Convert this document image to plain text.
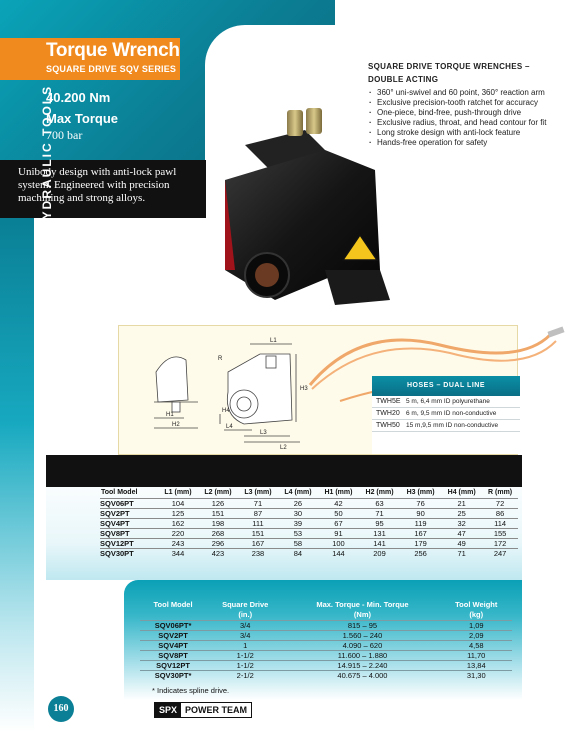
Torque Wrench
SQUARE DRIVE SQV SERIES
40.200 Nm
Max Torque
700 bar
Unibody design with anti-lock pawl system. Engineered with precision machining and strong alloys.
HYDRAULIC TOOLS
SQUARE DRIVE TORQUE WRENCHES – DOUBLE ACTING
· 360° uni-swivel and 60 point, 360° reaction arm
· Exclusive precision-tooth ratchet for accuracy
· One-piece, bind-free, push-through drive
· Exclusive radius, throat, and head contour for fit
· Long stroke design with anti-lock feature
· Hands-free operation for safety
L1
R
H3
H4
L4
L3
L2
H1
H2
HOSES – DUAL LINE
TWH5E 5 m, 6,4 mm ID polyurethane
TWH20 6 m, 9,5 mm ID non-conductive
TWH50 15 m,9,5 mm ID non-conductive
Tool Model	L1 (mm)	L2 (mm)	L3 (mm)	L4 (mm)	H1 (mm)	H2 (mm)	H3 (mm)	H4 (mm)	R (mm)
SQV06PT	104	126	71	26	42	63	76	21	72
SQV2PT	125	151	87	30	50	71	90	25	86
SQV4PT	162	198	111	39	67	95	119	32	114
SQV8PT	220	268	151	53	91	131	167	47	155
SQV12PT	243	296	167	58	100	141	179	49	172
SQV30PT	344	423	238	84	144	209	256	71	247
Tool Model	Square Drive	Max. Torque - Min. Torque	Tool Weight
	(in.)	(Nm)	(kg)
SQV06PT*	3/4	815 – 95	1,09
SQV2PT	3/4	1.560 – 240	2,09
SQV4PT	1	4.090 – 620	4,58
SQV8PT	1-1/2	11.600 – 1.880	11,70
SQV12PT	1-1/2	14.915 – 2.240	13,84
SQV30PT*	2-1/2	40.675 – 4.000	31,30
* Indicates spline drive.
160	SPX POWER TEAM
